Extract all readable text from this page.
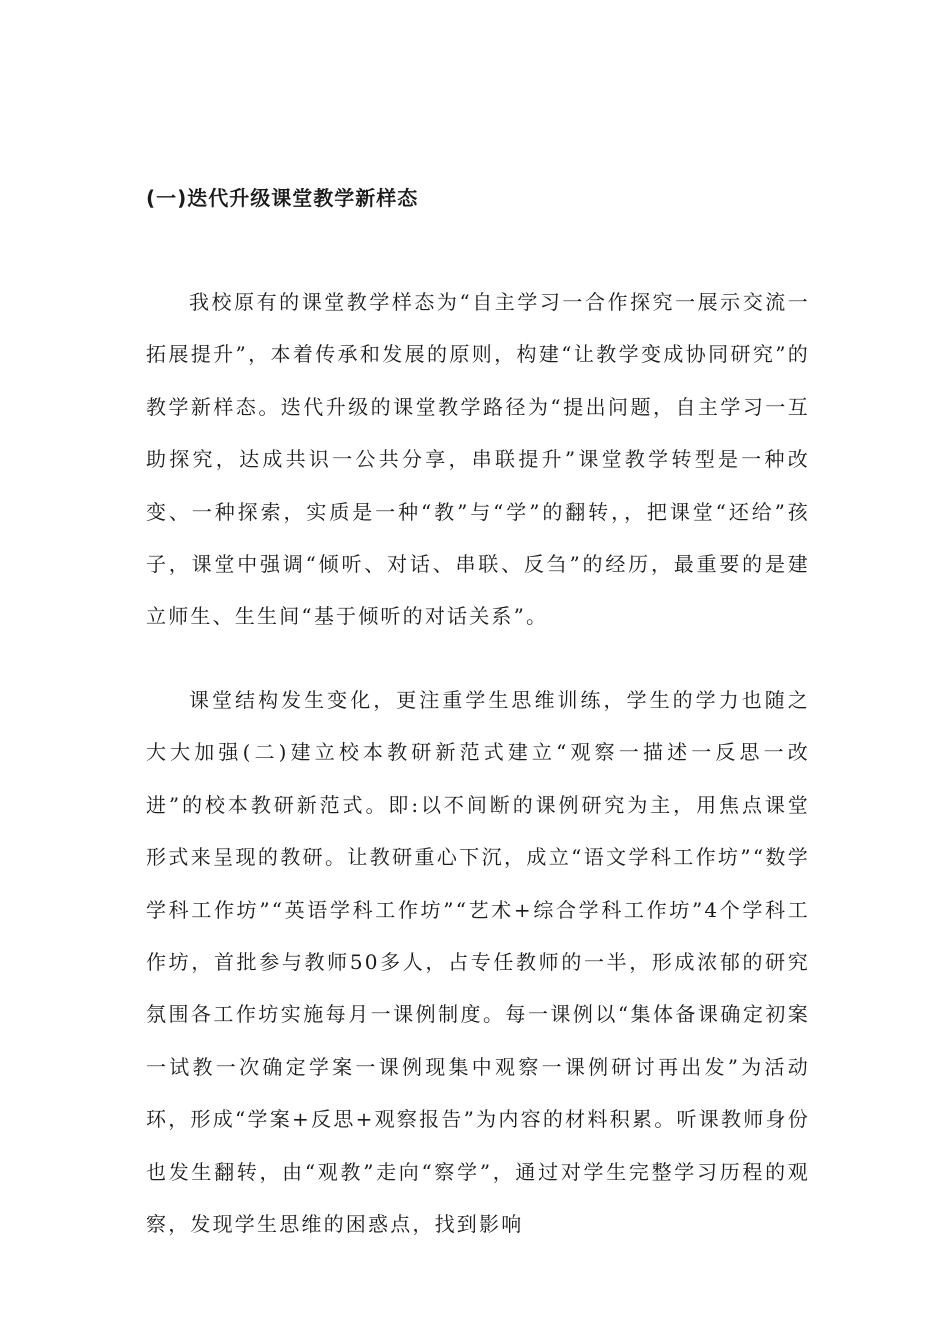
(一)迭代升级课堂教学新样态

我校原有的课堂教学样态为“自主学习一合作探究一展示交流一拓展提升”，本着传承和发展的原则，构建“让教学变成协同研究”的教学新样态。迭代升级的课堂教学路径为“提出问题，自主学习一互助探究，达成共识一公共分享，串联提升”课堂教学转型是一种改变、一种探索，实质是一种“教”与“学”的翻转，，把课堂“还给”孩子，课堂中强调“倾听、对话、串联、反刍”的经历，最重要的是建立师生、生生间“基于倾听的对话关系”。

课堂结构发生变化，更注重学生思维训练，学生的学力也随之大大加强(二)建立校本教研新范式建立“观察一描述一反思一改进”的校本教研新范式。即:以不间断的课例研究为主，用焦点课堂形式来呈现的教研。让教研重心下沉，成立“语文学科工作坊”“数学学科工作坊”“英语学科工作坊”“艺术+综合学科工作坊”4个学科工作坊，首批参与教师50多人，占专任教师的一半，形成浓郁的研究氛围各工作坊实施每月一课例制度。每一课例以“集体备课确定初案一试教一次确定学案一课例现集中观察一课例研讨再出发”为活动环，形成“学案+反思+观察报告”为内容的材料积累。听课教师身份也发生翻转，由“观教”走向“察学”，通过对学生完整学习历程的观察，发现学生思维的困惑点，找到影响
